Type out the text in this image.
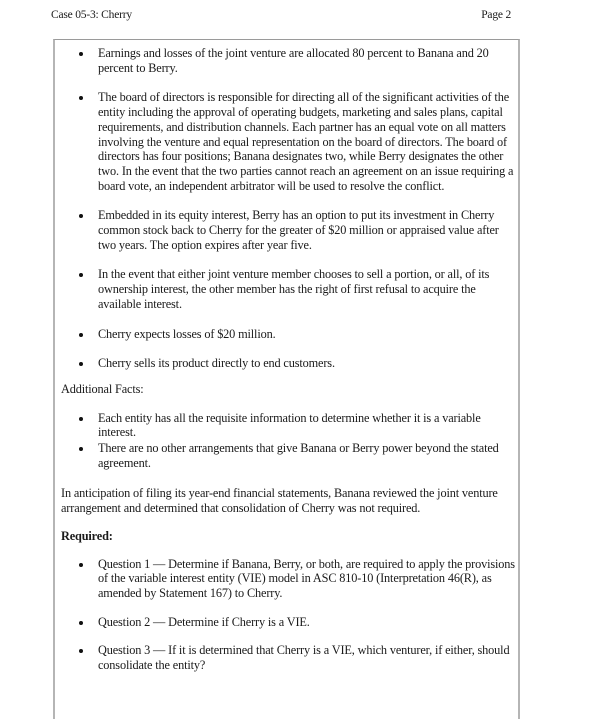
Case 05-3: Cherry	Page 2
Earnings and losses of the joint venture are allocated 80 percent to Banana and 20 percent to Berry.
The board of directors is responsible for directing all of the significant activities of the entity including the approval of operating budgets, marketing and sales plans, capital requirements, and distribution channels. Each partner has an equal vote on all matters involving the venture and equal representation on the board of directors. The board of directors has four positions; Banana designates two, while Berry designates the other two. In the event that the two parties cannot reach an agreement on an issue requiring a board vote, an independent arbitrator will be used to resolve the conflict.
Embedded in its equity interest, Berry has an option to put its investment in Cherry common stock back to Cherry for the greater of $20 million or appraised value after two years. The option expires after year five.
In the event that either joint venture member chooses to sell a portion, or all, of its ownership interest, the other member has the right of first refusal to acquire the available interest.
Cherry expects losses of $20 million.
Cherry sells its product directly to end customers.
Additional Facts:
Each entity has all the requisite information to determine whether it is a variable interest.
There are no other arrangements that give Banana or Berry power beyond the stated agreement.
In anticipation of filing its year-end financial statements, Banana reviewed the joint venture arrangement and determined that consolidation of Cherry was not required.
Required:
Question 1 — Determine if Banana, Berry, or both, are required to apply the provisions of the variable interest entity (VIE) model in ASC 810-10 (Interpretation 46(R), as amended by Statement 167) to Cherry.
Question 2 — Determine if Cherry is a VIE.
Question 3 — If it is determined that Cherry is a VIE, which venturer, if either, should consolidate the entity?
